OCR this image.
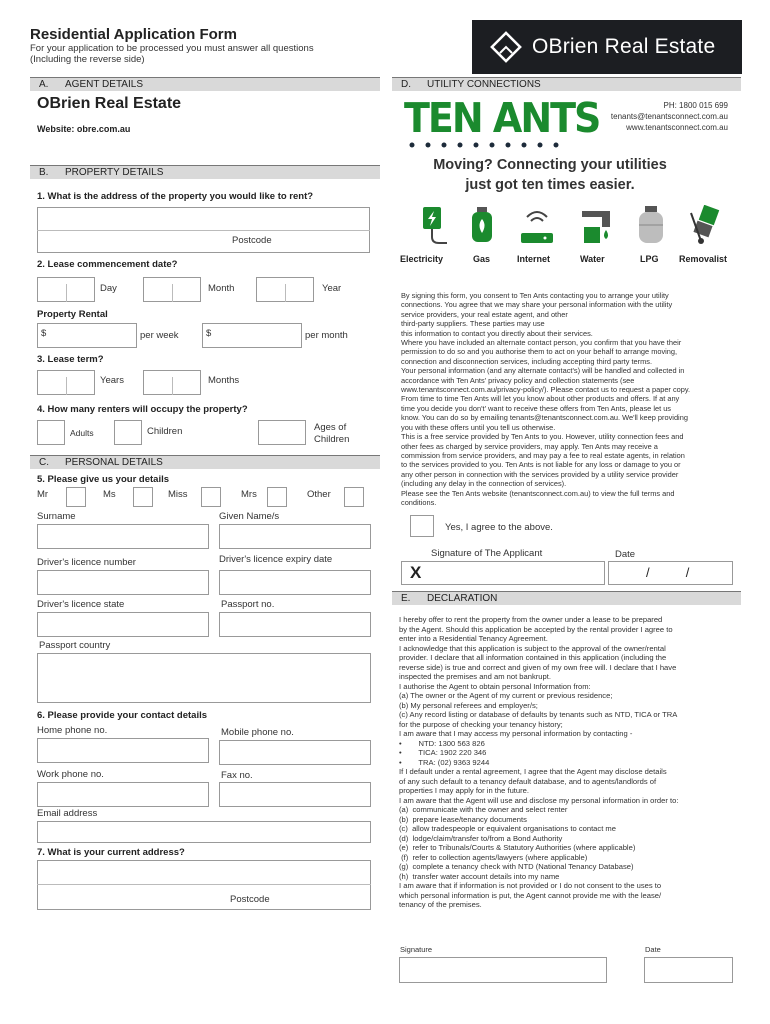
Residential Application Form
For your application to be processed you must answer all questions
(Including the reverse side)
OBrien Real Estate
A. AGENT DETAILS
OBrien Real Estate
Website: obre.com.au
B. PROPERTY DETAILS
1. What is the address of the property you would like to rent?
Postcode
2. Lease commencement date?
Day	Month	Year
Property Rental
$	per week	$	per month
3. Lease term?
Years	Months
4. How many renters will occupy the property?
Adults	Children	Ages of
Children
C. PERSONAL DETAILS
5. Please give us your details
Mr	Ms	Miss	Mrs	Other
Surname	Given Name/s
Driver's licence number	Driver's licence expiry date
Driver's licence state	Passport no.
Passport country
6. Please provide your contact details
Home phone no.	Mobile phone no.
Work phone no.	Fax no.
Email address
7. What is your current address?
Postcode
D. UTILITY CONNECTIONS
TEN ANTS	PH: 1800 015 699
tenants@tenantsconnect.com.au
www.tenantsconnect.com.au
Moving? Connecting your utilities
just got ten times easier.
Electricity	Gas	Internet	Water	LPG Removalist
By signing this form, you consent to Ten Ants contacting you to arrange your utility
connections. You agree that we may share your personal information with the utility
service providers, your real estate agent, and other
third-party suppliers. These parties may use
this information to contact you directly about their services.
Where you have included an alternate contact person, you confirm that you have their
permission to do so and you authorise them to act on your behalf to arrange moving,
connection and disconnection services, including accepting third party terms.
Your personal information (and any alternate contact's) will be handled and collected in
accordance with Ten Ants' privacy policy and collection statements (see
www.tenantsconnect.com.au/privacy-policy/). Please contact us to request a paper copy.
From time to time Ten Ants will let you know about other products and offers. If at any
time you decide you don't' want to receive these offers from Ten Ants, please let us
know. You can do so by emailing tenants@tenantsconnect.com.au. We'll keep providing
you with these offers until you tell us otherwise.
This is a free service provided by Ten Ants to you. However, utility connection fees and
other fees as charged by service providers, may apply. Ten Ants may receive a
commission from service providers, and may pay a fee to real estate agents, in relation
to the services provided to you. Ten Ants is not liable for any loss or damage to you or
any other person in connection with the services provided by a utility service provider
(including any delay in the connection of services).
Please see the Ten Ants website (tenantsconnect.com.au) to view the full terms and
conditions.
Yes, I agree to the above.
Signature of The Applicant	Date
X	/          /
E. DECLARATION
I hereby offer to rent the property from the owner under a lease to be prepared
by the Agent. Should this application be accepted by the rental provider I agree to
enter into a Residential Tenancy Agreement.
I acknowledge that this application is subject to the approval of the owner/rental
provider. I declare that all information contained in this application (including the
reverse side) is true and correct and given of my own free will. I declare that I have
inspected the premises and am not bankrupt.
I authorise the Agent to obtain personal Information from:
(a) The owner or the Agent of my current or previous residence;
(b) My personal referees and employer/s;
(c) Any record listing or database of defaults by tenants such as NTD, TICA or TRA
for the purpose of checking your tenancy history;
I am aware that I may access my personal information by contacting -
•        NTD: 1300 563 826
•        TICA: 1902 220 346
•        TRA: (02) 9363 9244
If I default under a rental agreement, I agree that the Agent may disclose details
of any such default to a tenancy default database, and to agents/landlords of
properties I may apply for in the future.
I am aware that the Agent will use and disclose my personal information in order to:
(a)  communicate with the owner and select renter
(b)  prepare lease/tenancy documents
(c)  allow tradespeople or equivalent organisations to contact me
(d)  lodge/claim/transfer to/from a Bond Authority
(e)  refer to Tribunals/Courts & Statutory Authorities (where applicable)
(f)  refer to collection agents/lawyers (where applicable)
(g)  complete a tenancy check with NTD (National Tenancy Database)
(h)  transfer water account details into my name
I am aware that if information is not provided or I do not consent to the uses to
which personal information is put, the Agent cannot provide me with the lease/
tenancy of the premises.
Signature	Date
